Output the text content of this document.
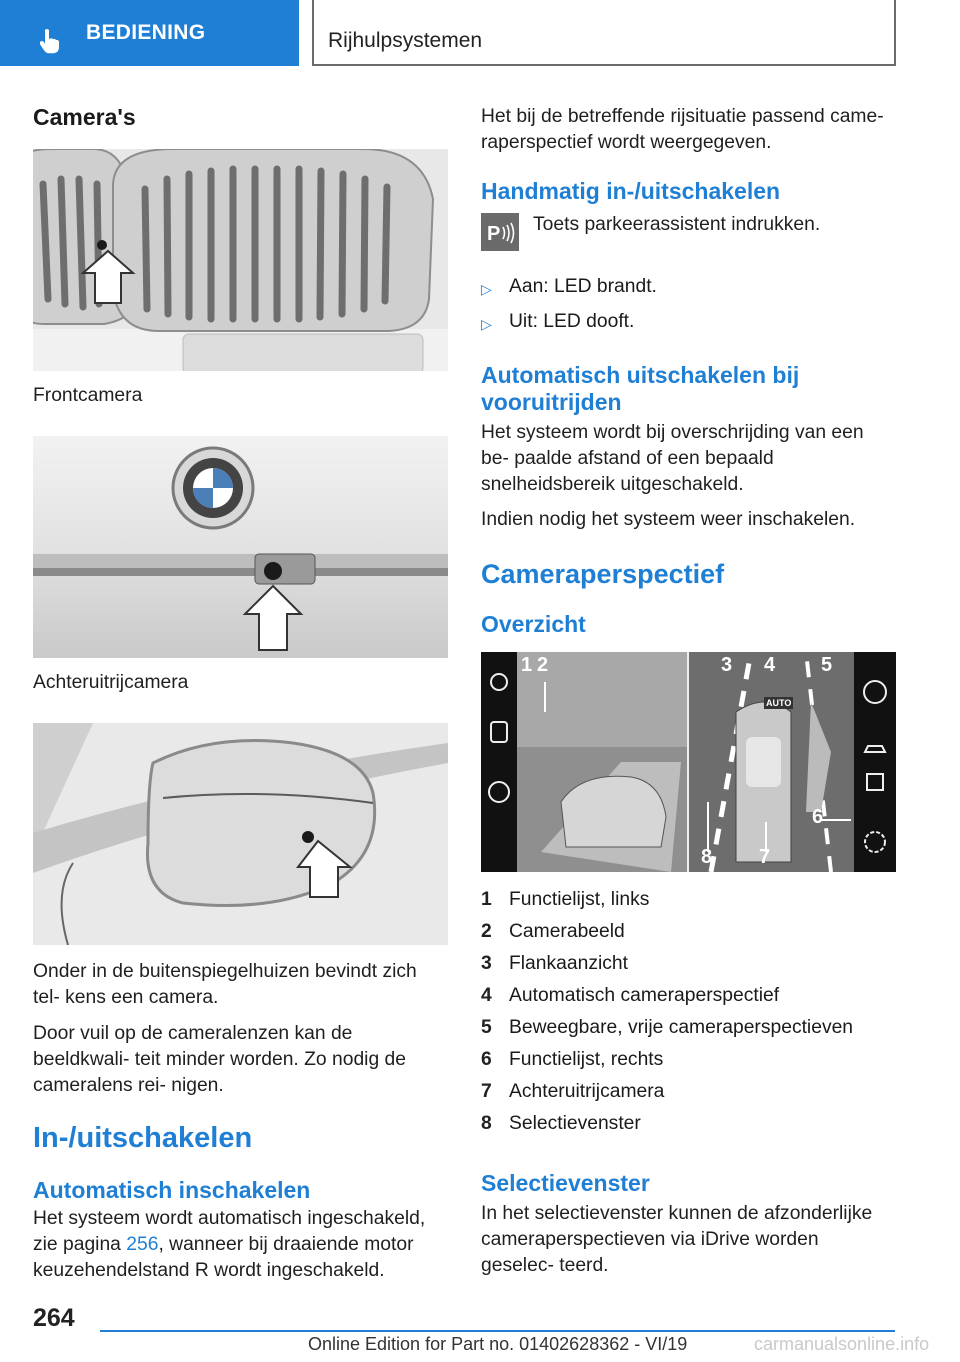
BEDIENING	Rijhulpsystemen
Camera's
Frontcamera
Achteruitrijcamera

Onder in de buitenspiegelhuizen bevindt zich tel- kens een camera.

Door vuil op de cameralenzen kan de beeldkwali- teit minder worden. Zo nodig de cameralens rei- nigen.

In-/uitschakelen
Automatisch inschakelen

Het systeem wordt automatisch ingeschakeld, zie pagina 256, wanneer bij draaiende motor keuzehendelstand R wordt ingeschakeld.

Het bij de betreffende rijsituatie passend came- raperspectief wordt weergegeven.

Handmatig in-/uitschakelen
P Toets parkeerassistent indrukken.
▷ Aan: LED brandt.
▷ Uit: LED dooft.
Automatisch uitschakelen bij vooruitrijden

Het systeem wordt bij overschrijding van een be- paalde afstand of een bepaald snelheidsbereik uitgeschakeld.

Indien nodig het systeem weer inschakelen.

Cameraperspectief
Overzicht
1 2	3 4 5
6
7
8
AUTO
1 Functielijst, links
2 Camerabeeld
3 Flankaanzicht
4 Automatisch cameraperspectief
5 Beweegbare, vrije cameraperspectieven
6 Functielijst, rechts
7 Achteruitrijcamera
8 Selectievenster
Selectievenster

In het selectievenster kunnen de afzonderlijke cameraperspectieven via iDrive worden geselec- teerd.

264
Online Edition for Part no. 01402628362 - VI/19	carmanualsonline.info
